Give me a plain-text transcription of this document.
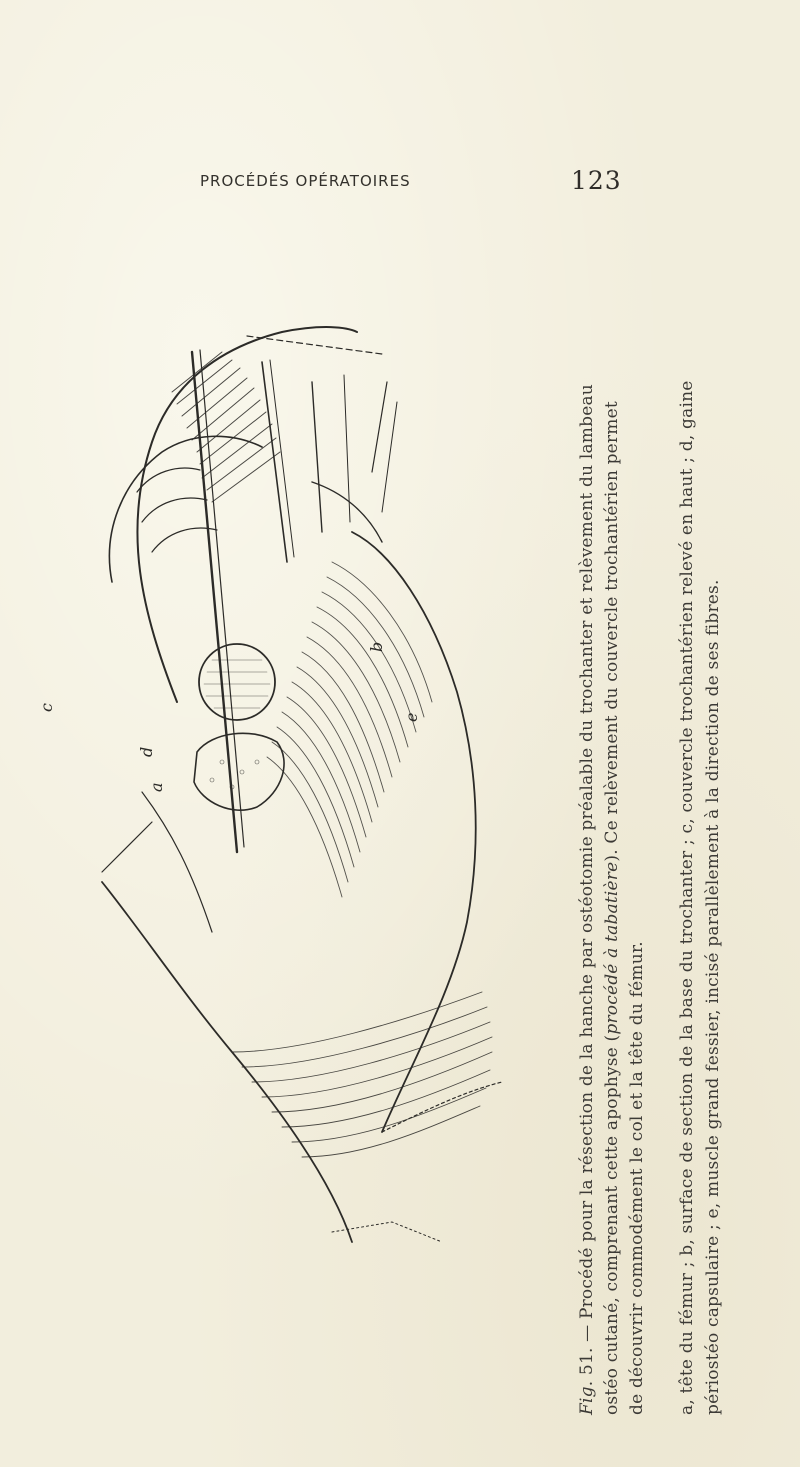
PROCÉDÉS OPÉRATOIRES	123
a
b
c
d
e

Fig. 51. — Procédé pour la résection de la hanche par ostéotomie préalable du trochanter et relèvement du lambeau ostéo cutané, comprenant cette apophyse (procédé à tabatière). Ce relèvement du couvercle trochantérien permet

de découvrir commodément le col et la tête du fémur. a, tête du fémur ; b, surface de section de la base du trochanter ; c, couvercle trochantérien relevé en haut ; d, gaine périostéo capsulaire ; e, muscle grand fessier, incisé parallèlement à la direction de ses fibres.
